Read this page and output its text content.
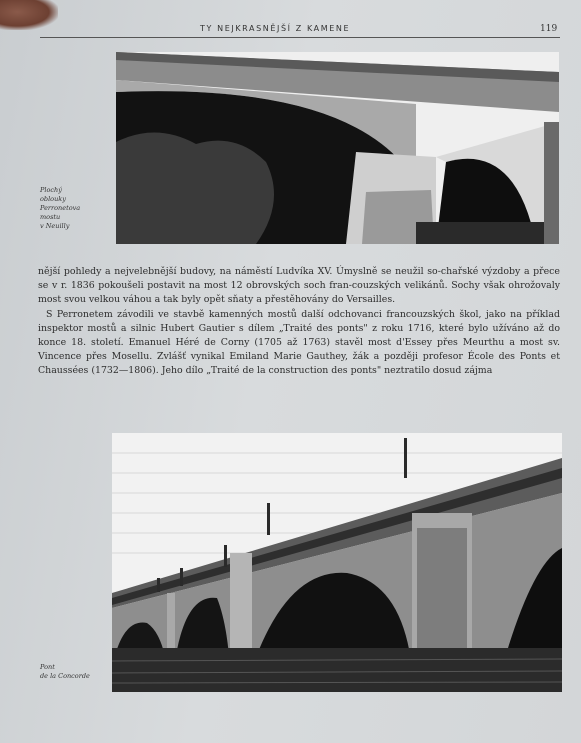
TY NEJKRASNĚJŠÍ Z KAMENE	119
Plochý
oblouky
Perronetova
mostu
v Neuilly

nější pohledy a nejvelebnější budovy, na náměstí Ludvíka XV. Úmyslně se neužil so-chařské výzdoby a přece se v r. 1836 pokoušeli postavit na most 12 obrovských soch fran-couzských velikánů. Sochy však ohrožovaly most svou velkou váhou a tak byly opět sňaty a přestěhovány do Versailles.

S Perronetem závodili ve stavbě kamenných mostů další odchovanci francouzských škol, jako na příklad inspektor mostů a silnic Hubert Gautier s dílem „Traité des ponts" z roku 1716, které bylo užíváno až do konce 18. století. Emanuel Héré de Corny (1705 až 1763) stavěl most d'Essey přes Meurthu a most sv. Vincence přes Mosellu. Zvlášť vynikal Emiland Marie Gauthey, žák a později profesor École des Ponts et Chaussées (1732—1806). Jeho dílo „Traité de la construction des ponts" neztratilo dosud zájma

Pont
de la Concorde
